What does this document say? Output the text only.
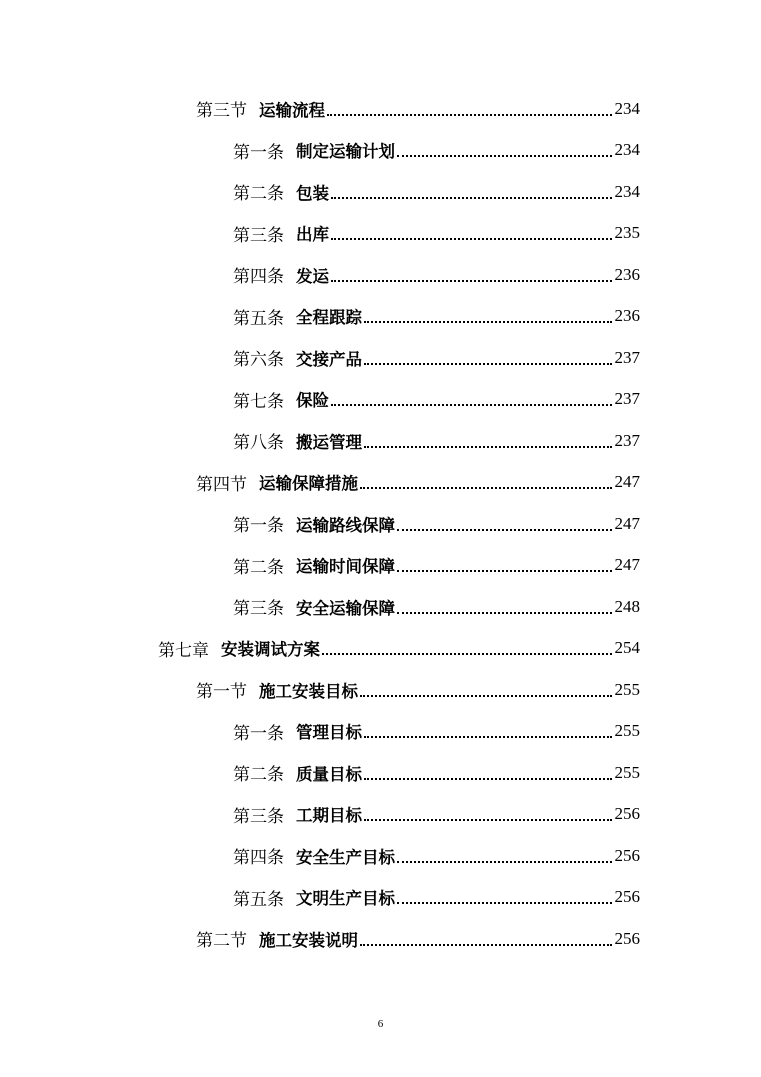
第三节 运输流程	234
第一条 制定运输计划	234
第二条 包装	234
第三条 出库	235
第四条 发运	236
第五条 全程跟踪	236
第六条 交接产品	237
第七条 保险	237
第八条 搬运管理	237
第四节 运输保障措施	247
第一条 运输路线保障	247
第二条 运输时间保障	247
第三条 安全运输保障	248
第七章 安装调试方案	254
第一节 施工安装目标	255
第一条 管理目标	255
第二条 质量目标	255
第三条 工期目标	256
第四条 安全生产目标	256
第五条 文明生产目标	256
第二节 施工安装说明	256
6
